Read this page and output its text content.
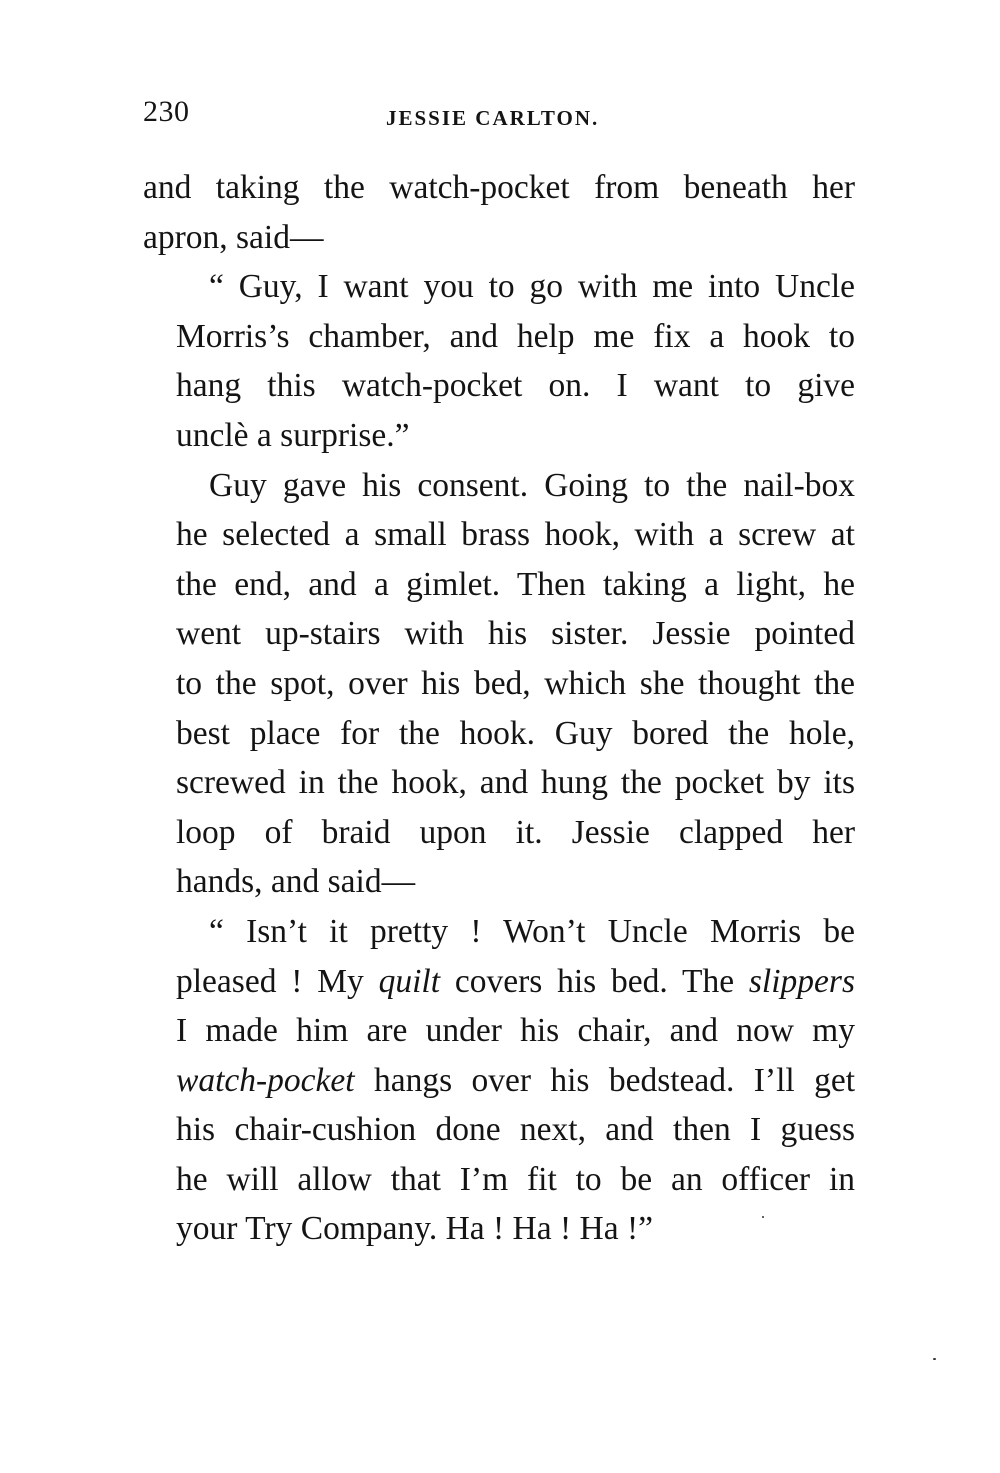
230	JESSIE CARLTON.
and taking the watch-pocket from beneath her
apron, said—
“ Guy, I want you to go with me into Uncle
Morris’s chamber, and help me fix a hook to
hang this watch-pocket on. I want to give
unclè a surprise.”
Guy gave his consent. Going to the nail-box
he selected a small brass hook, with a screw at
the end, and a gimlet. Then taking a light, he
went up-stairs with his sister. Jessie pointed
to the spot, over his bed, which she thought the
best place for the hook. Guy bored the hole,
screwed in the hook, and hung the pocket by its
loop of braid upon it. Jessie clapped her
hands, and said—
“ Isn’t it pretty ! Won’t Uncle Morris be
pleased ! My quilt covers his bed. The slippers
I made him are under his chair, and now my
watch-pocket hangs over his bedstead. I’ll get
his chair-cushion done next, and then I guess
he will allow that I’m fit to be an officer in
your Try Company. Ha ! Ha ! Ha !”
